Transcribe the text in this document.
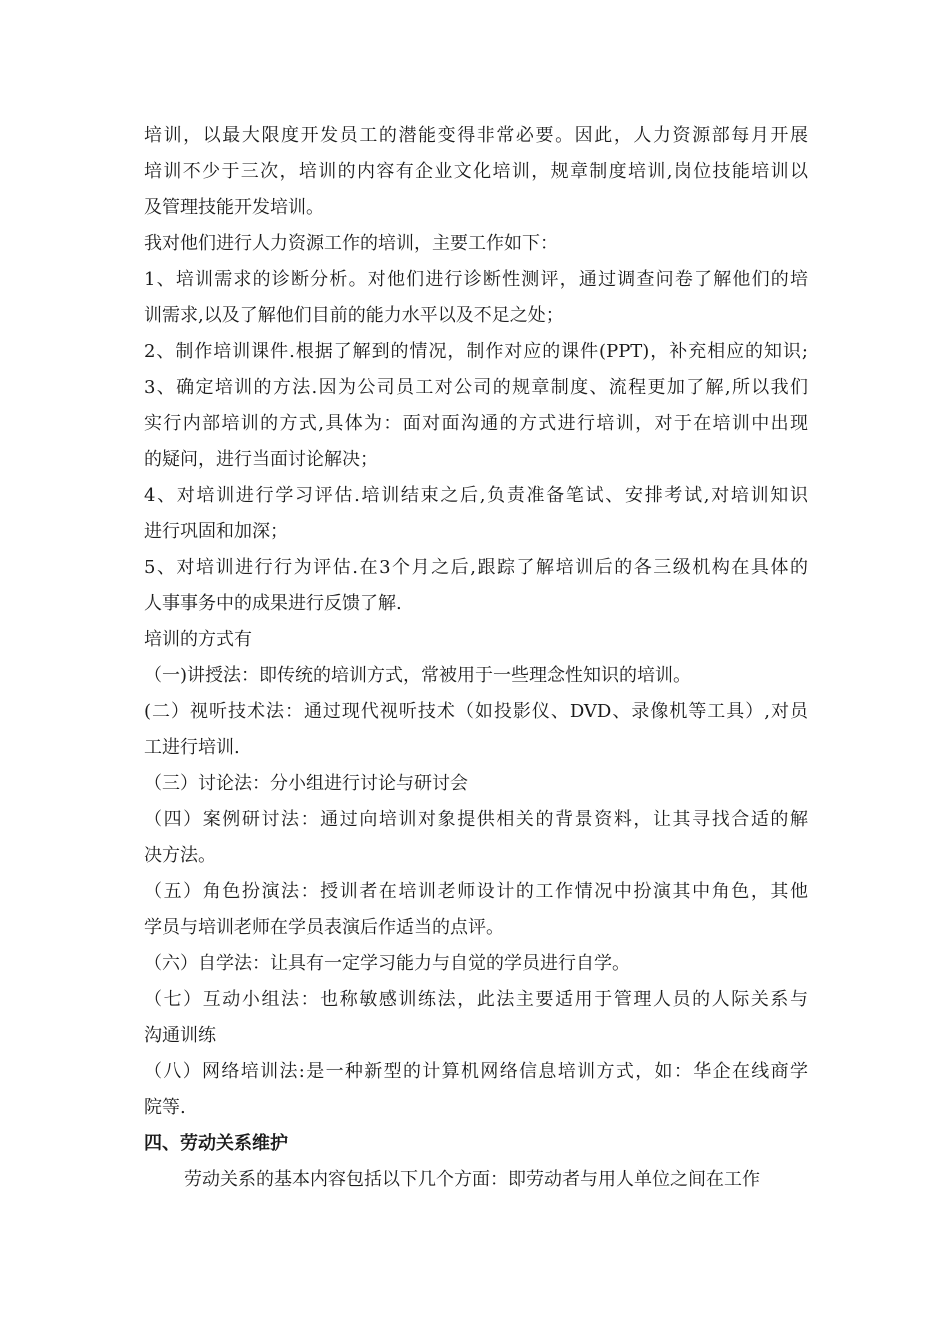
培训，以最大限度开发员工的潜能变得非常必要。因此，人力资源部每月开展
培训不少于三次，培训的内容有企业文化培训，规章制度培训,岗位技能培训以
及管理技能开发培训。
我对他们进行人力资源工作的培训，主要工作如下：
1、培训需求的诊断分析。对他们进行诊断性测评，通过调查问卷了解他们的培
训需求,以及了解他们目前的能力水平以及不足之处；
2、制作培训课件.根据了解到的情况，制作对应的课件(PPT)，补充相应的知识;
3、确定培训的方法.因为公司员工对公司的规章制度、流程更加了解,所以我们
实行内部培训的方式,具体为：面对面沟通的方式进行培训，对于在培训中出现
的疑问，进行当面讨论解决；
4、对培训进行学习评估.培训结束之后,负责准备笔试、安排考试,对培训知识
进行巩固和加深；
5、对培训进行行为评估.在3个月之后,跟踪了解培训后的各三级机构在具体的
人事事务中的成果进行反馈了解.
培训的方式有
（一)讲授法：即传统的培训方式，常被用于一些理念性知识的培训。
(二）视听技术法：通过现代视听技术（如投影仪、DVD、录像机等工具）,对员
工进行培训.
（三）讨论法：分小组进行讨论与研讨会
（四）案例研讨法：通过向培训对象提供相关的背景资料，让其寻找合适的解
决方法。
（五）角色扮演法：授训者在培训老师设计的工作情况中扮演其中角色，其他
学员与培训老师在学员表演后作适当的点评。
（六）自学法：让具有一定学习能力与自觉的学员进行自学。
（七）互动小组法：也称敏感训练法，此法主要适用于管理人员的人际关系与
沟通训练
（八）网络培训法:是一种新型的计算机网络信息培训方式，如：华企在线商学
院等.
四、劳动关系维护
劳动关系的基本内容包括以下几个方面：即劳动者与用人单位之间在工作
